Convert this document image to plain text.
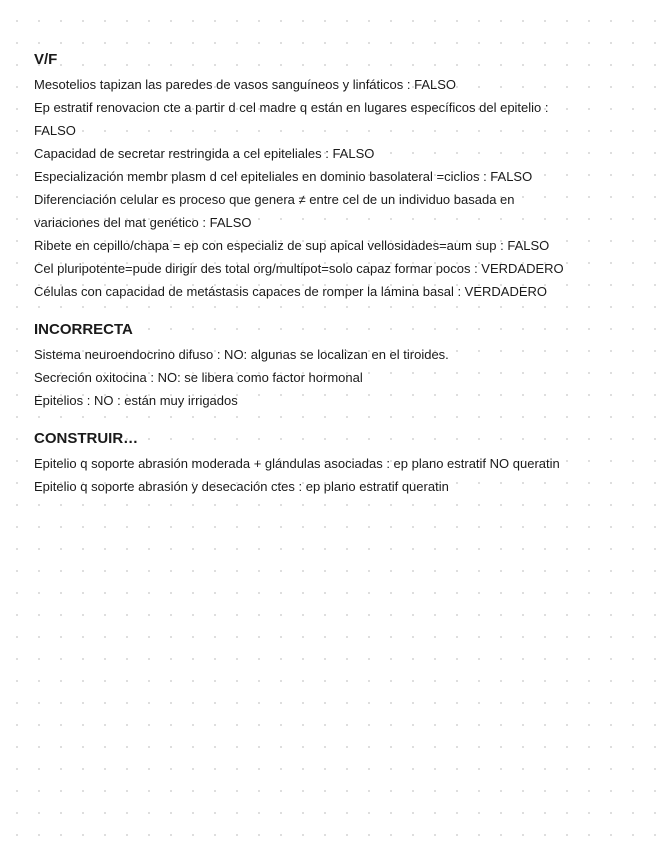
V/F
Mesotelios tapizan las paredes de vasos sanguíneos y linfáticos : FALSO
Ep estratif renovacion cte a partir d cel madre q están en lugares específicos del epitelio :
FALSO
Capacidad de secretar restringida a cel epiteliales : FALSO
Especialización membr plasm d cel epiteliales en dominio basolateral =ciclios : FALSO
Diferenciación celular es proceso que genera ≠ entre cel de un individuo basada en
variaciones del mat genético : FALSO
Ribete en cepillo/chapa = ep con especializ de sup apical vellosidades=aum sup : FALSO
Cel pluripotente=pude dirigir des total org/multipot=solo capaz formar pocos : VERDADERO
Células con capacidad de metástasis capaces de romper la lámina basal : VERDADERO
INCORRECTA
Sistema neuroendocrino difuso : NO: algunas se localizan en el tiroides.
Secreción oxitocina : NO: se libera como factor hormonal
Epitelios : NO : están muy irrigados
CONSTRUIR…
Epitelio q soporte abrasión moderada + glándulas asociadas : ep plano estratif NO queratin
Epitelio q soporte abrasión y desecación ctes : ep plano estratif queratin
